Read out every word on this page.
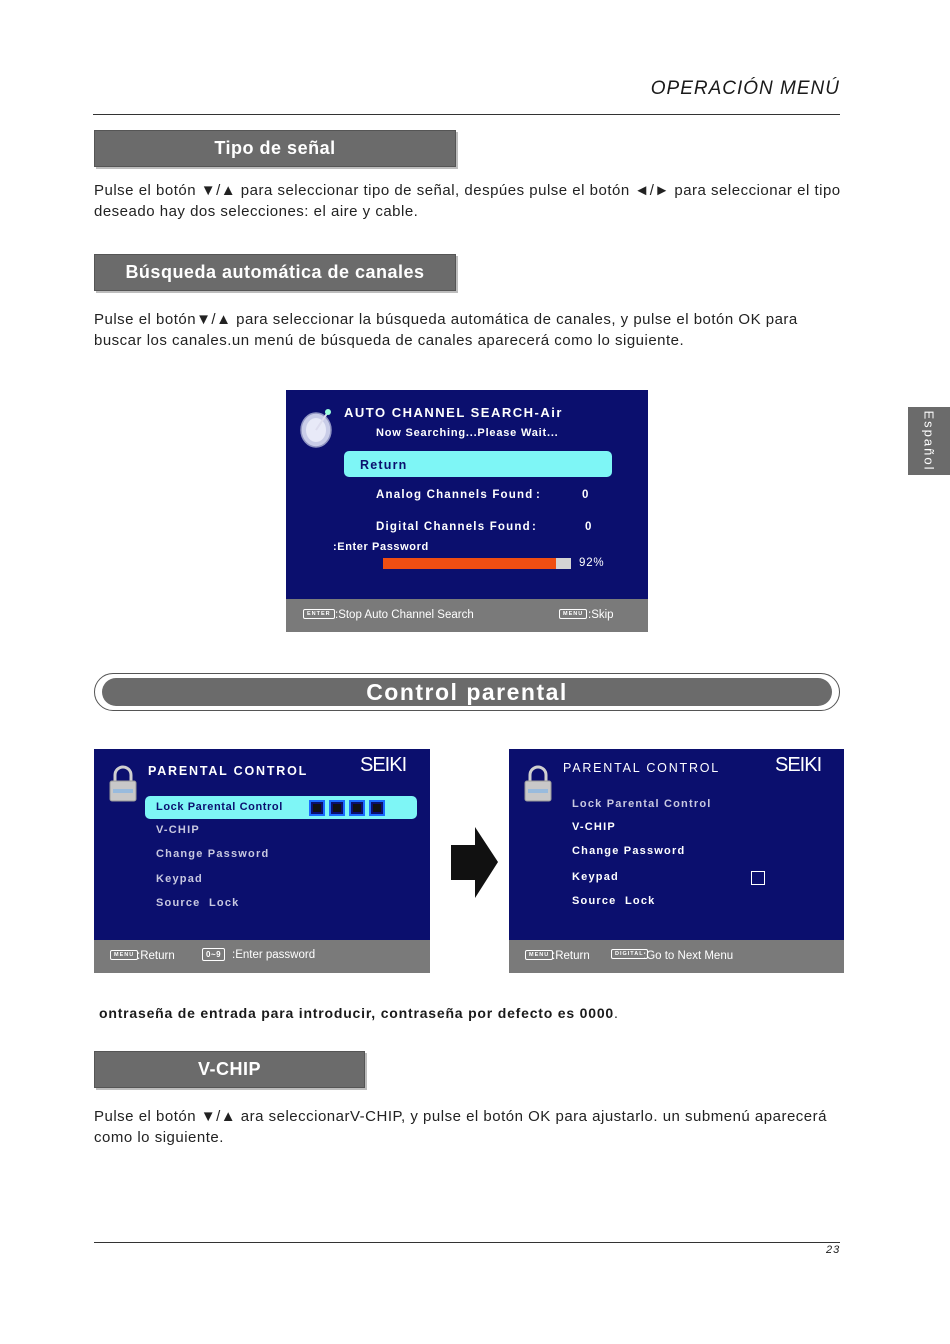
OPERACIÓN MENÚ
Español
Tipo de señal
Pulse el botón ▼/▲ para seleccionar tipo de señal, despúes pulse el botón ◄/► para seleccionar el tipo deseado hay dos selecciones: el aire y cable.
Búsqueda automática de canales
Pulse el botón▼/▲ para seleccionar la búsqueda automática de canales, y pulse el botón OK para buscar los canales.un menú de búsqueda de canales aparecerá como lo siguiente.
AUTO CHANNEL SEARCH-Air
Now Searching...Please Wait...
Return
Analog Channels Found :	0
Digital Channels Found :	0
:Enter Password
92%
ENTER :Stop Auto Channel Search	MENU :Skip
Control parental
PARENTAL CONTROL	SEIKI
Lock Parental Control
V-CHIP
Change Password
Keypad
Source  Lock
MENU :Return	0~9 :Enter password
PARENTAL CONTROL	SEIKI
Lock Parental Control
V-CHIP
Change Password
Keypad
Source  Lock
MENU :Return	DIGITAL :Go to Next Menu
ontraseña de entrada para introducir, contraseña por defecto es 0000.
V-CHIP
Pulse el botón ▼/▲ ara seleccionarV-CHIP, y pulse el botón OK para ajustarlo. un submenú aparecerá como lo siguiente.
23
